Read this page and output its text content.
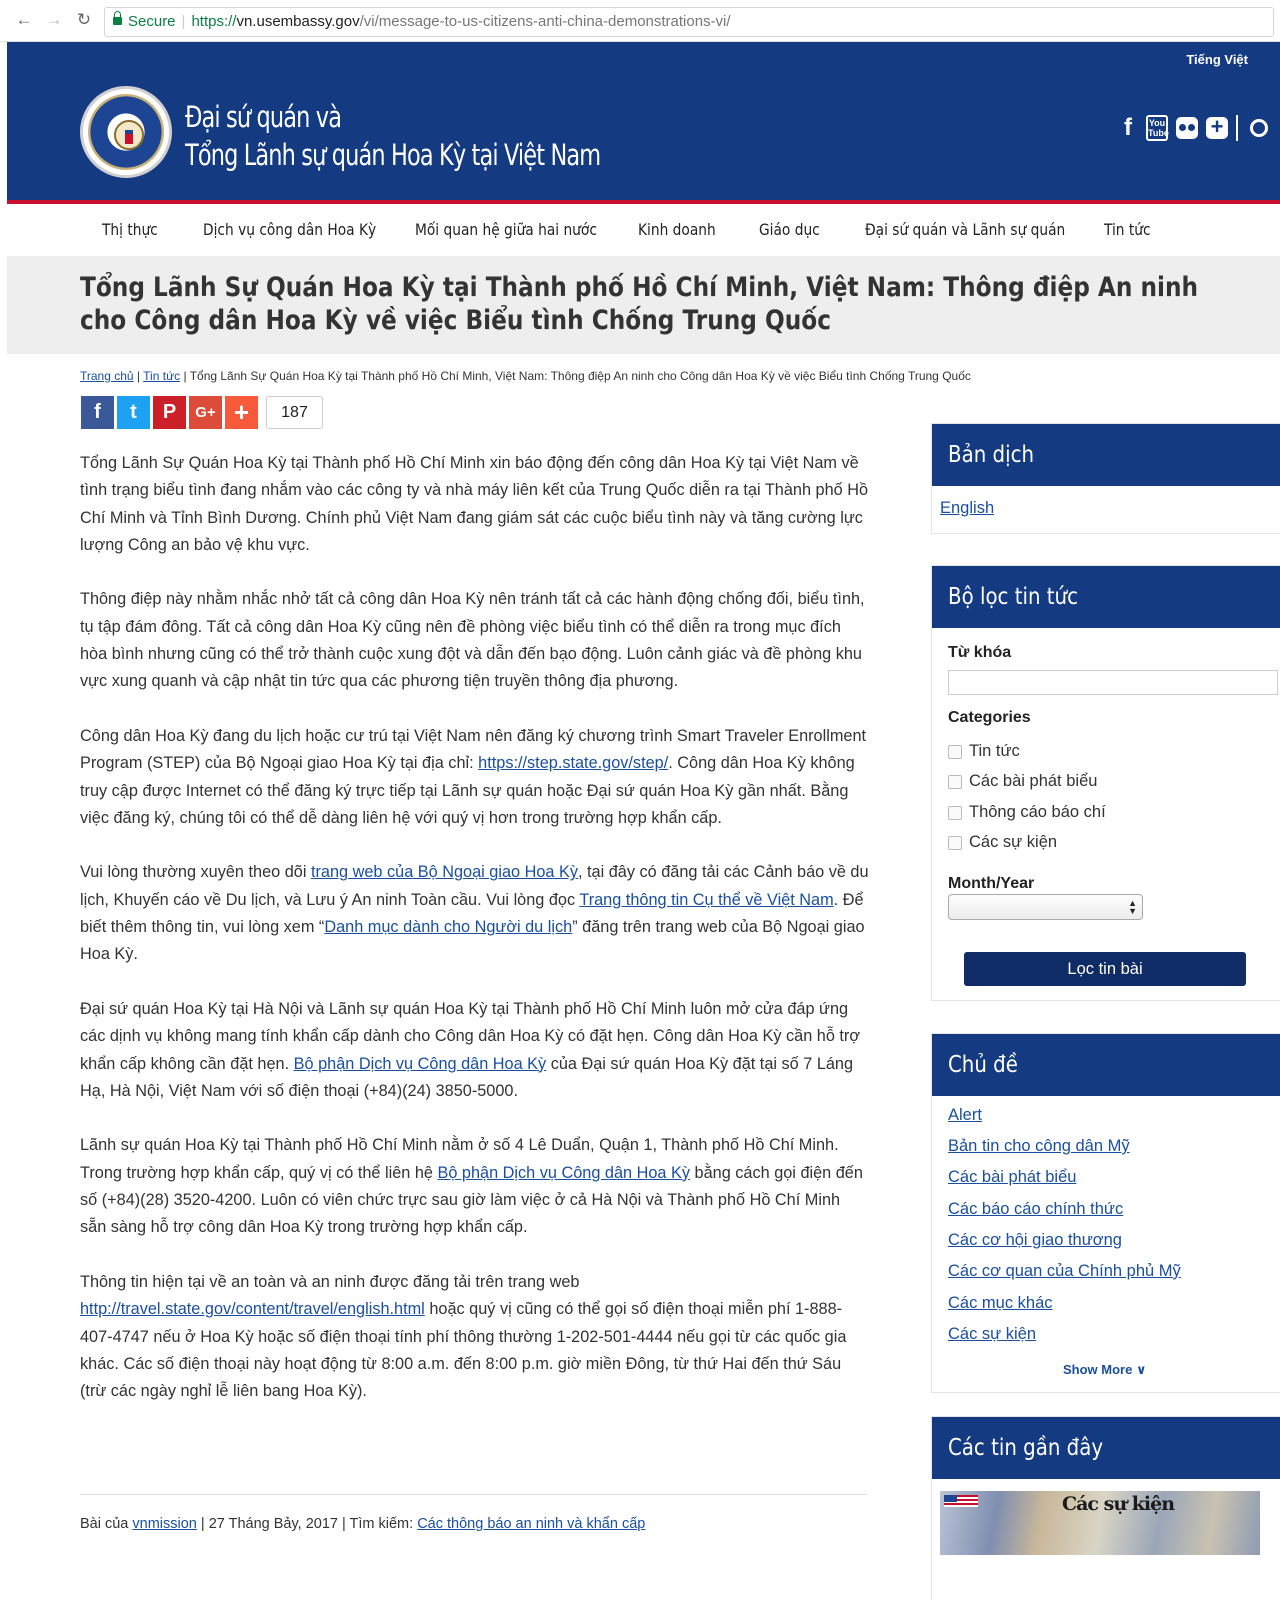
← → ↻	Secure | https://vn.usembassy.gov/vi/message-to-us-citizens-anti-china-demonstrations-vi/
Tiếng Việt
Đại sứ quán và
Tổng Lãnh sự quán Hoa Kỳ tại Việt Nam
f	You
Tube +
Thị thực	Dịch vụ công dân Hoa Kỳ Mối quan hệ giữa hai nước	Kinh doanh	Giáo dục	Đại sứ quán và Lãnh sự quán Tin tức
Tổng Lãnh Sự Quán Hoa Kỳ tại Thành phố Hồ Chí Minh, Việt Nam: Thông điệp An ninh cho Công dân Hoa Kỳ về việc Biểu tình Chống Trung Quốc
Trang chủ | Tin tức | Tổng Lãnh Sự Quán Hoa Kỳ tại Thành phố Hồ Chí Minh, Việt Nam: Thông điệp An ninh cho Công dân Hoa Kỳ về việc Biểu tình Chống Trung Quốc
f	t	P	G+ +	187

Tổng Lãnh Sự Quán Hoa Kỳ tại Thành phố Hồ Chí Minh xin báo động đến công dân Hoa Kỳ tại Việt Nam về tình trạng biểu tình đang nhắm vào các công ty và nhà máy liên kết của Trung Quốc diễn ra tại Thành phố Hồ Chí Minh và Tỉnh Bình Dương. Chính phủ Việt Nam đang giám sát các cuộc biểu tình này và tăng cường lực lượng Công an bảo vệ khu vực.

Thông điệp này nhằm nhắc nhở tất cả công dân Hoa Kỳ nên tránh tất cả các hành động chống đối, biểu tình, tụ tập đám đông. Tất cả công dân Hoa Kỳ cũng nên đề phòng việc biểu tình có thể diễn ra trong mục đích hòa bình nhưng cũng có thể trở thành cuộc xung đột và dẫn đến bạo động. Luôn cảnh giác và đề phòng khu vực xung quanh và cập nhật tin tức qua các phương tiện truyền thông địa phương.

Công dân Hoa Kỳ đang du lịch hoặc cư trú tại Việt Nam nên đăng ký chương trình Smart Traveler Enrollment Program (STEP) của Bộ Ngoại giao Hoa Kỳ tại địa chỉ: https://step.state.gov/step/. Công dân Hoa Kỳ không truy cập được Internet có thể đăng ký trực tiếp tại Lãnh sự quán hoặc Đại sứ quán Hoa Kỳ gần nhất. Bằng việc đăng ký, chúng tôi có thể dễ dàng liên hệ với quý vị hơn trong trường hợp khẩn cấp.

Vui lòng thường xuyên theo dõi trang web của Bộ Ngoại giao Hoa Kỳ, tại đây có đăng tải các Cảnh báo về du lịch, Khuyến cáo về Du lịch, và Lưu ý An ninh Toàn cầu. Vui lòng đọc Trang thông tin Cụ thể về Việt Nam. Để biết thêm thông tin, vui lòng xem “Danh mục dành cho Người du lịch” đăng trên trang web của Bộ Ngoại giao Hoa Kỳ.

Đại sứ quán Hoa Kỳ tại Hà Nội và Lãnh sự quán Hoa Kỳ tại Thành phố Hồ Chí Minh luôn mở cửa đáp ứng các dịnh vụ không mang tính khẩn cấp dành cho Công dân Hoa Kỳ có đặt hẹn. Công dân Hoa Kỳ cần hỗ trợ khẩn cấp không cần đặt hẹn. Bộ phận Dịch vụ Công dân Hoa Kỳ của Đại sứ quán Hoa Kỳ đặt tại số 7 Láng Hạ, Hà Nội, Việt Nam với số điện thoại (+84)(24) 3850-5000.

Lãnh sự quán Hoa Kỳ tại Thành phố Hồ Chí Minh nằm ở số 4 Lê Duẩn, Quận 1, Thành phố Hồ Chí Minh. Trong trường hợp khẩn cấp, quý vị có thể liên hệ Bộ phận Dịch vụ Công dân Hoa Kỳ bằng cách gọi điện đến số (+84)(28) 3520-4200. Luôn có viên chức trực sau giờ làm việc ở cả Hà Nội và Thành phố Hồ Chí Minh sẵn sàng hỗ trợ công dân Hoa Kỳ trong trường hợp khẩn cấp.

Thông tin hiện tại về an toàn và an ninh được đăng tải trên trang web http://travel.state.gov/content/travel/english.html hoặc quý vị cũng có thể gọi số điện thoại miễn phí 1-888-407-4747 nếu ở Hoa Kỳ hoặc số điện thoại tính phí thông thường 1-202-501-4444 nếu gọi từ các quốc gia khác. Các số điện thoại này hoạt động từ 8:00 a.m. đến 8:00 p.m. giờ miền Đông, từ thứ Hai đến thứ Sáu (trừ các ngày nghỉ lễ liên bang Hoa Kỳ).

Bài của vnmission | 27 Tháng Bảy, 2017 | Tìm kiếm: Các thông báo an ninh và khẩn cấp
Bản dịch
English
Bộ lọc tin tức
Từ khóa
Categories
Tin tức
Các bài phát biểu
Thông cáo báo chí
Các sự kiện
Month/Year
▲
▼
Lọc tin bài
Chủ đề
Alert
Bản tin cho công dân Mỹ
Các bài phát biểu
Các báo cáo chính thức
Các cơ hội giao thương
Các cơ quan của Chính phủ Mỹ
Các mục khác
Các sự kiện
Show More ∨
Các tin gần đây
Các sự kiện
